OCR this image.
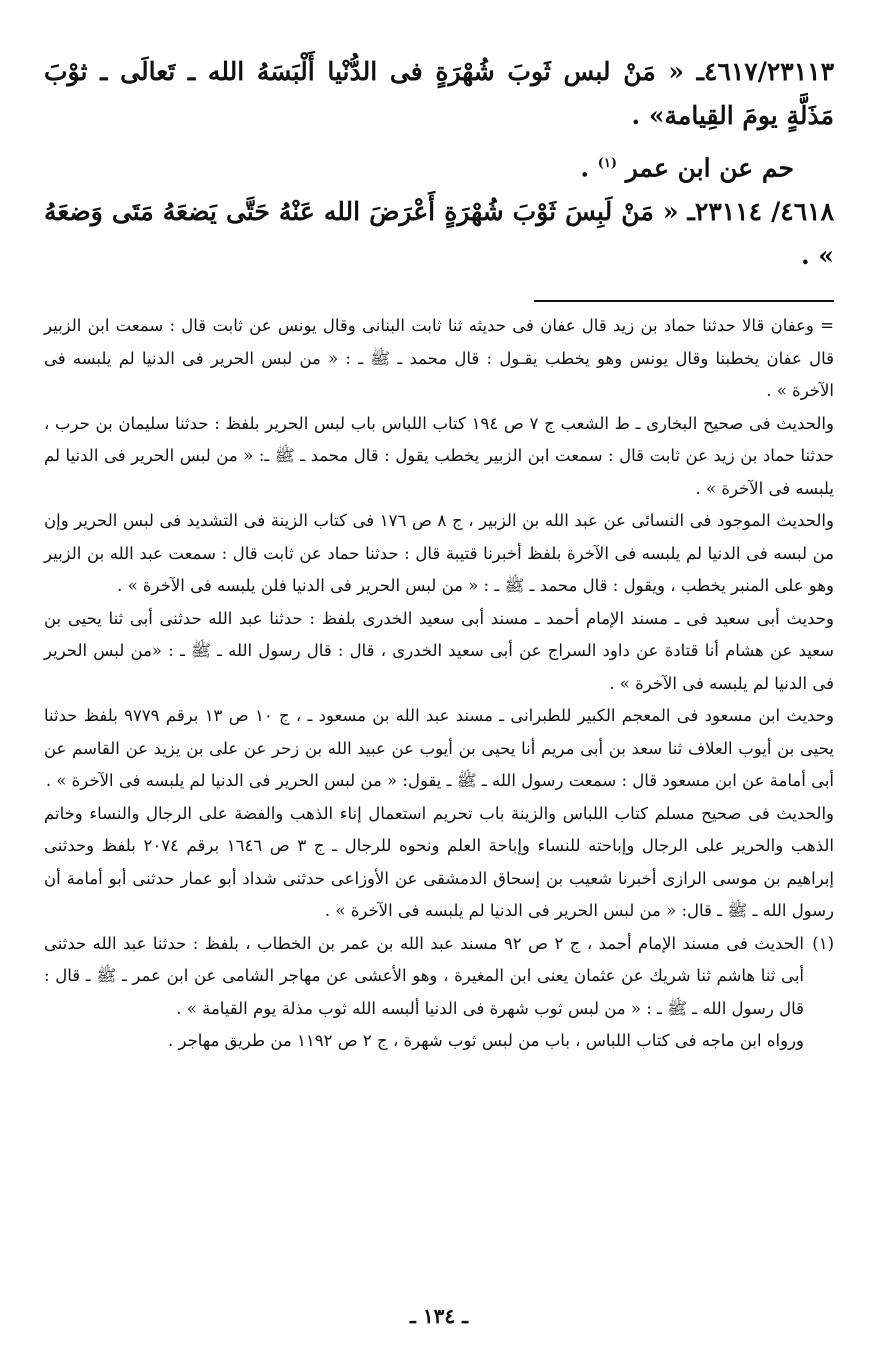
٤٦١٧/٢٣١١٣ـ « مَنْ لبس ثَوبَ شُهْرَةٍ فى الدُّنْيا أَلْبَسَهُ الله ـ تَعالَى ـ ثوْبَ مَذَلَّةٍ يومَ القِيامة» .

حم عن ابن عمر $^{(١)}$ .

٤٦١٨/ ٢٣١١٤ـ « مَنْ لَبِسَ ثَوْبَ شُهْرَةٍ أَعْرَضَ الله عَنْهُ حَتَّى يَضعَهُ مَتَى وَضعَهُ » .

= وعفان قالا حدثنا حماد بن زيد قال عفان فى حديثه ثنا ثابت البنانى وقال يونس عن ثابت قال : سمعت ابن الزبير قال عفان يخطبنا وقال يونس وهو يخطب يقـول : قال محمد ـ ﷺ ـ : « من لبس الحرير فى الدنيا لم يلبسه فى الآخرة » .

والحديث فى صحيح البخارى ـ ط الشعب ج ٧ ص ١٩٤ كتاب اللباس باب لبس الحرير بلفظ : حدثنا سليمان بن حرب ، حدثنا حماد بن زيد عن ثابت قال : سمعت ابن الزبير يخطب يقول : قال محمد ـ ﷺ ـ: « من لبس الحرير فى الدنيا لم يلبسه فى الآخرة » .

والحديث الموجود فى النسائى عن عبد الله بن الزبير ، ج ٨ ص ١٧٦ فى كتاب الزينة فى التشديد فى لبس الحرير وإن من لبسه فى الدنيا لم يلبسه فى الآخرة بلفظ أخبرنا قتيبة قال : حدثنا حماد عن ثابت قال : سمعت عبد الله بن الزبير وهو على المنبر يخطب ، ويقول : قال محمد ـ ﷺ ـ : « من لبس الحرير فى الدنيا فلن يلبسه فى الآخرة » .

وحديث أبى سعيد فى ـ مسند الإمام أحمد ـ مسند أبى سعيد الخدرى بلفظ : حدثنا عبد الله حدثنى أبى ثنا يحيى بن سعيد عن هشام أنا قتادة عن داود السراج عن أبى سعيد الخدرى ، قال : قال رسول الله ـ ﷺ ـ : «من لبس الحرير فى الدنيا لم يلبسه فى الآخرة » .

وحديث ابن مسعود فى المعجم الكبير للطبرانى ـ مسند عبد الله بن مسعود ـ ، ج ١٠ ص ١٣ برقم ٩٧٧٩ بلفظ حدثنا يحيى بن أيوب العلاف ثنا سعد بن أبى مريم أنا يحيى بن أيوب عن عبيد الله بن زحر عن على بن يزيد عن القاسم عن أبى أمامة عن ابن مسعود قال : سمعت رسول الله ـ ﷺ ـ يقول: « من لبس الحرير فى الدنيا لم يلبسه فى الآخرة » .

والحديث فى صحيح مسلم كتاب اللباس والزينة باب تحريم استعمال إناء الذهب والفضة على الرجال والنساء وخاتم الذهب والحرير على الرجال وإباحته للنساء وإباحة العلم ونحوه للرجال ـ ج ٣ ص ١٦٤٦ برقم ٢٠٧٤ بلفظ وحدثنى إبراهيم بن موسى الرازى أخبرنا شعيب بن إسحاق الدمشقى عن الأوزاعى حدثنى شداد أبو عمار حدثنى أبو أمامة أن رسول الله ـ ﷺ ـ قال: « من لبس الحرير فى الدنيا لم يلبسه فى الآخرة » .

(١)
الحديث فى مسند الإمام أحمد ، ج ٢ ص ٩٢ مسند عبد الله بن عمر بن الخطاب ، بلفظ : حدثنا عبد الله حدثنى أبى ثنا هاشم ثنا شريك عن عثمان يعنى ابن المغيرة ، وهو الأعشى عن مهاجر الشامى عن ابن عمر ـ ﷺ ـ قال : قال رسول الله ـ ﷺ ـ : « من لبس ثوب شهرة فى الدنيا ألبسه الله ثوب مذلة يوم القيامة » .

ورواه ابن ماجه فى كتاب اللباس ، باب من لبس ثوب شهرة ، ج ٢ ص ١١٩٢ من طريق مهاجر .

ـ ١٣٤ ـ
